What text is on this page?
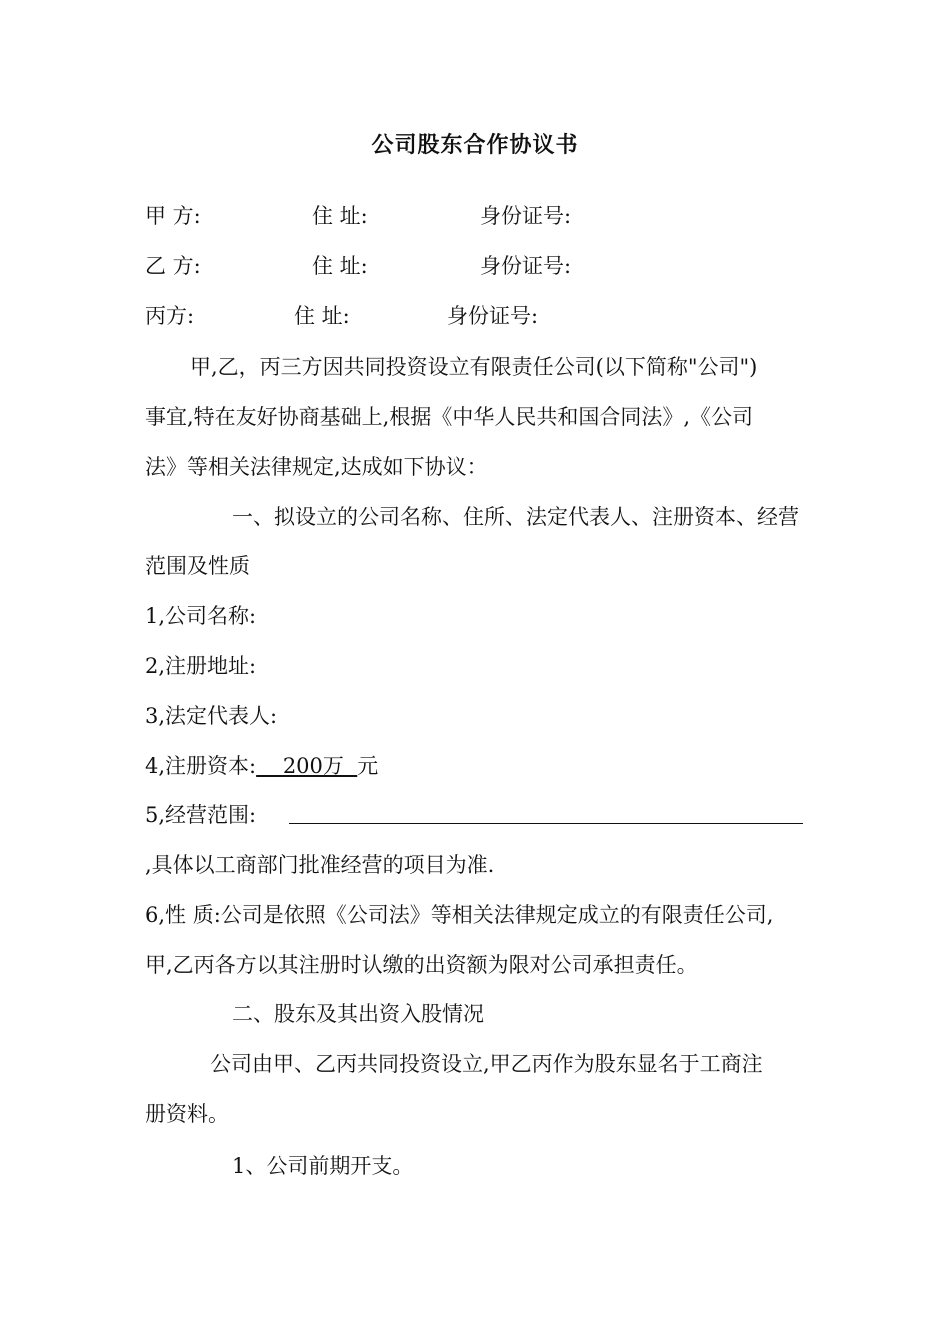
公司股东合作协议书
甲 方:	住 址:	身份证号:
乙 方:	住 址:	身份证号:
丙方:	住 址:	身份证号:
甲,乙，丙三方因共同投资设立有限责任公司(以下简称"公司")
事宜,特在友好协商基础上,根据《中华人民共和国合同法》,《公司
法》等相关法律规定,达成如下协议：
一、拟设立的公司名称、住所、法定代表人、注册资本、经营
范围及性质
1,公司名称:
2,注册地址:
3,法定代表人:
4,注册资本:    200万  元
5,经营范围:
,具体以工商部门批准经营的项目为准.
6,性 质:公司是依照《公司法》等相关法律规定成立的有限责任公司,
甲,乙丙各方以其注册时认缴的出资额为限对公司承担责任。
二、股东及其出资入股情况
公司由甲、乙丙共同投资设立,甲乙丙作为股东显名于工商注
册资料。
1、公司前期开支。
